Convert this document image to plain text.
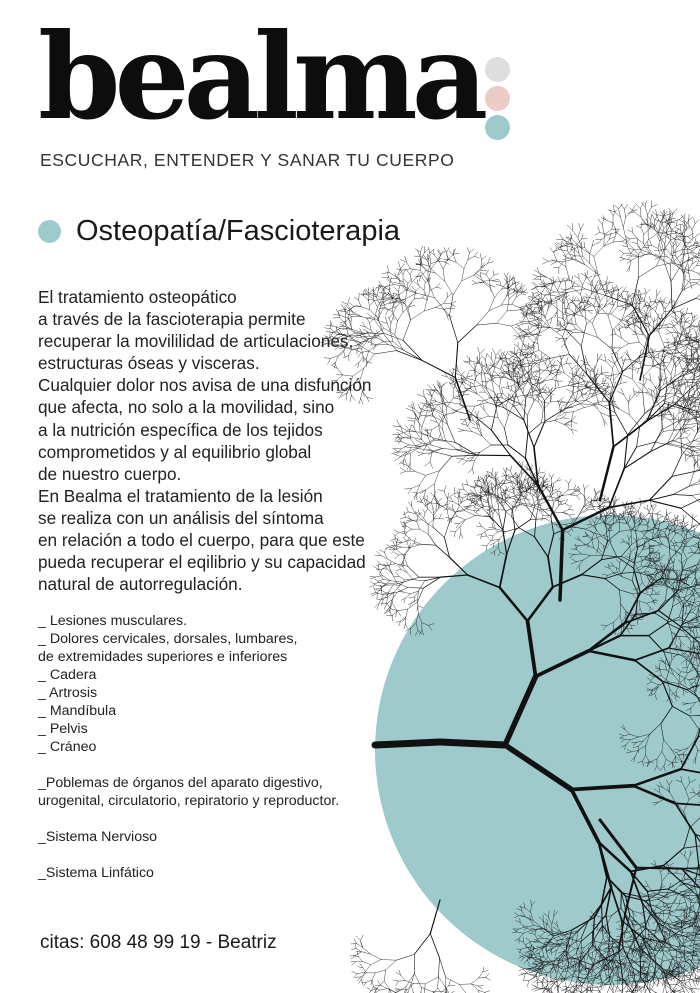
bealma
ESCUCHAR, ENTENDER Y SANAR TU CUERPO
Osteopatía/Fascioterapia

El tratamiento osteopático

a través de la fascioterapia permite

recuperar la movililidad de articulaciones,

estructuras óseas y visceras.

Cualquier dolor nos avisa de una disfunción

que afecta, no solo a la movilidad, sino

a la nutrición específica de los tejidos

comprometidos y al equilibrio global

de nuestro cuerpo.

En Bealma el tratamiento de la lesión

se realiza con un análisis del síntoma

en relación a todo el cuerpo, para que este

pueda recuperar el eqilibrio y su capacidad

natural de autorregulación.

_ Lesiones musculares.

_ Dolores cervicales, dorsales, lumbares,

de extremidades superiores e inferiores

_ Cadera

_ Artrosis

_ Mandíbula

_ Pelvis

_ Cráneo

_Poblemas de órganos del aparato digestivo,

urogenital, circulatorio, repiratorio y reproductor.

_Sistema Nervioso

_Sistema Linfático

citas: 608 48 99 19 - Beatriz
